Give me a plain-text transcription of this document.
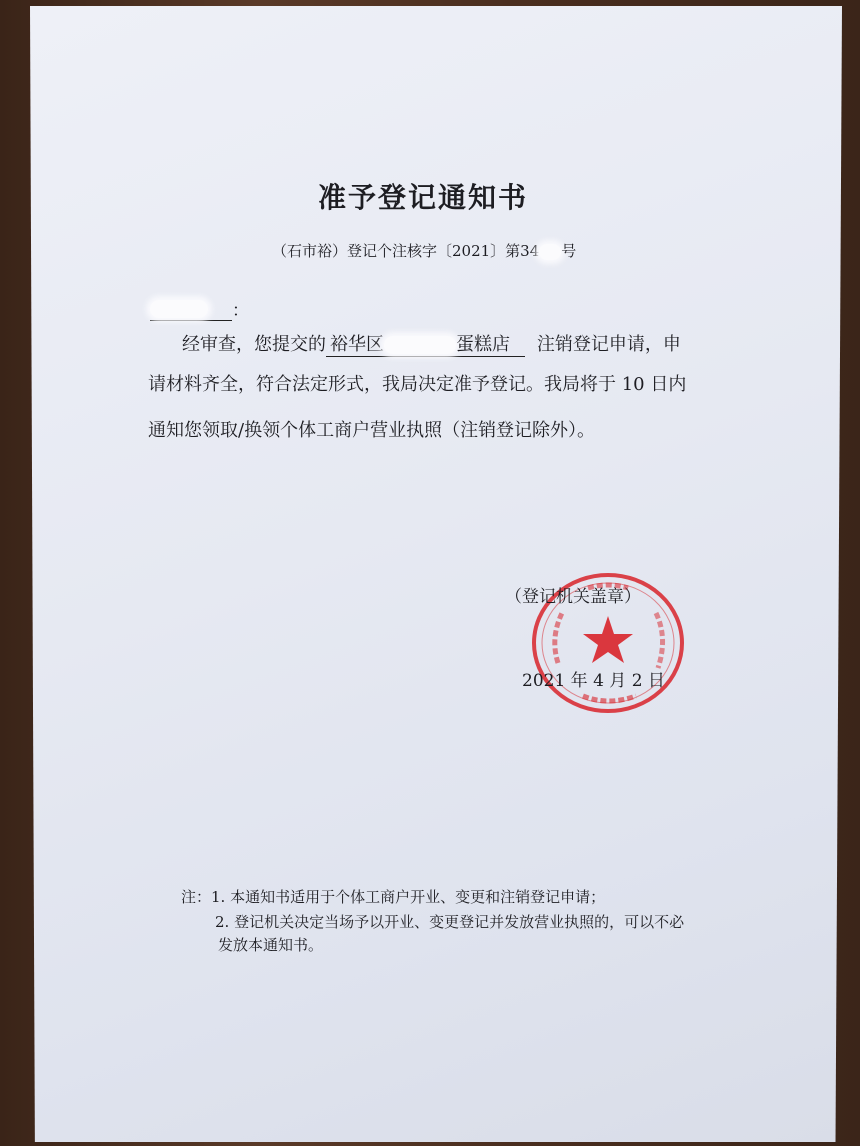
准予登记通知书
（石市裕）登记个注核字〔2021〕第34 号
：
经审查，您提交的 裕华区	蛋糕店 注销登记申请，申
请材料齐全，符合法定形式，我局决定准予登记。我局将于 10 日内
通知您领取/换领个体工商户营业执照（注销登记除外）。
（登记机关盖章）
2021 年 4 月 2 日
注：1. 本通知书适用于个体工商户开业、变更和注销登记申请；
2. 登记机关决定当场予以开业、变更登记并发放营业执照的，可以不必
发放本通知书。
